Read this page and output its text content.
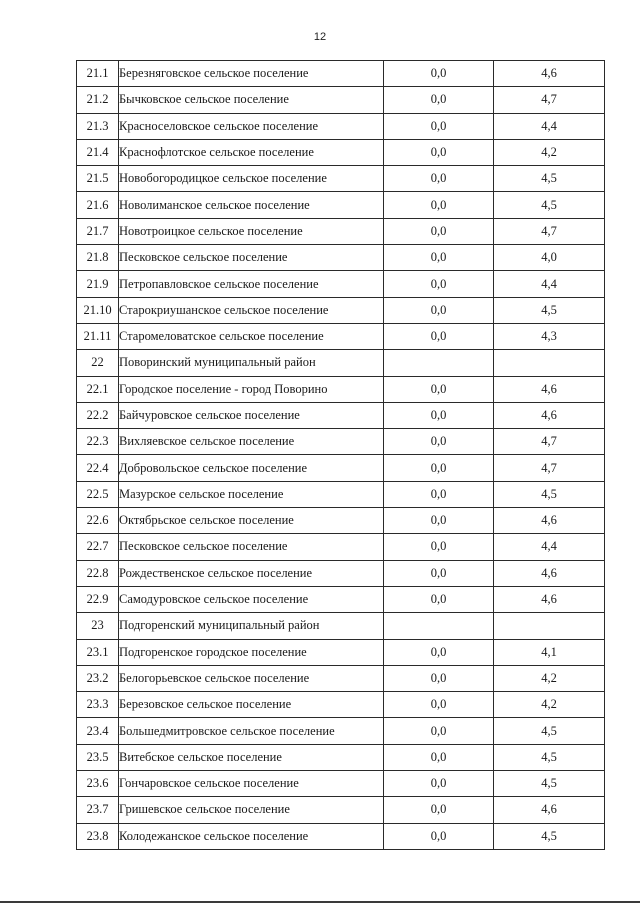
12
21.1	Березняговское сельское поселение	0,0	4,6
21.2	Бычковское сельское поселение	0,0	4,7
21.3	Красноселовское сельское поселение	0,0	4,4
21.4	Краснофлотское сельское поселение	0,0	4,2
21.5	Новобогородицкое сельское поселение	0,0	4,5
21.6	Новолиманское сельское поселение	0,0	4,5
21.7	Новотроицкое сельское поселение	0,0	4,7
21.8	Песковское сельское поселение	0,0	4,0
21.9	Петропавловское сельское поселение	0,0	4,4
21.10	Старокриушанское сельское поселение	0,0	4,5
21.11	Старомеловатское сельское поселение	0,0	4,3
22	Поворинский муниципальный район		
22.1	Городское поселение - город Поворино	0,0	4,6
22.2	Байчуровское сельское поселение	0,0	4,6
22.3	Вихляевское сельское поселение	0,0	4,7
22.4	Добровольское сельское поселение	0,0	4,7
22.5	Мазурское сельское поселение	0,0	4,5
22.6	Октябрьское сельское поселение	0,0	4,6
22.7	Песковское сельское поселение	0,0	4,4
22.8	Рождественское сельское поселение	0,0	4,6
22.9	Самодуровское сельское поселение	0,0	4,6
23	Подгоренский муниципальный район		
23.1	Подгоренское городское поселение	0,0	4,1
23.2	Белогорьевское сельское поселение	0,0	4,2
23.3	Березовское сельское поселение	0,0	4,2
23.4	Большедмитровское сельское поселение	0,0	4,5
23.5	Витебское сельское поселение	0,0	4,5
23.6	Гончаровское сельское поселение	0,0	4,5
23.7	Гришевское сельское поселение	0,0	4,6
23.8	Колодежанское сельское поселение	0,0	4,5
